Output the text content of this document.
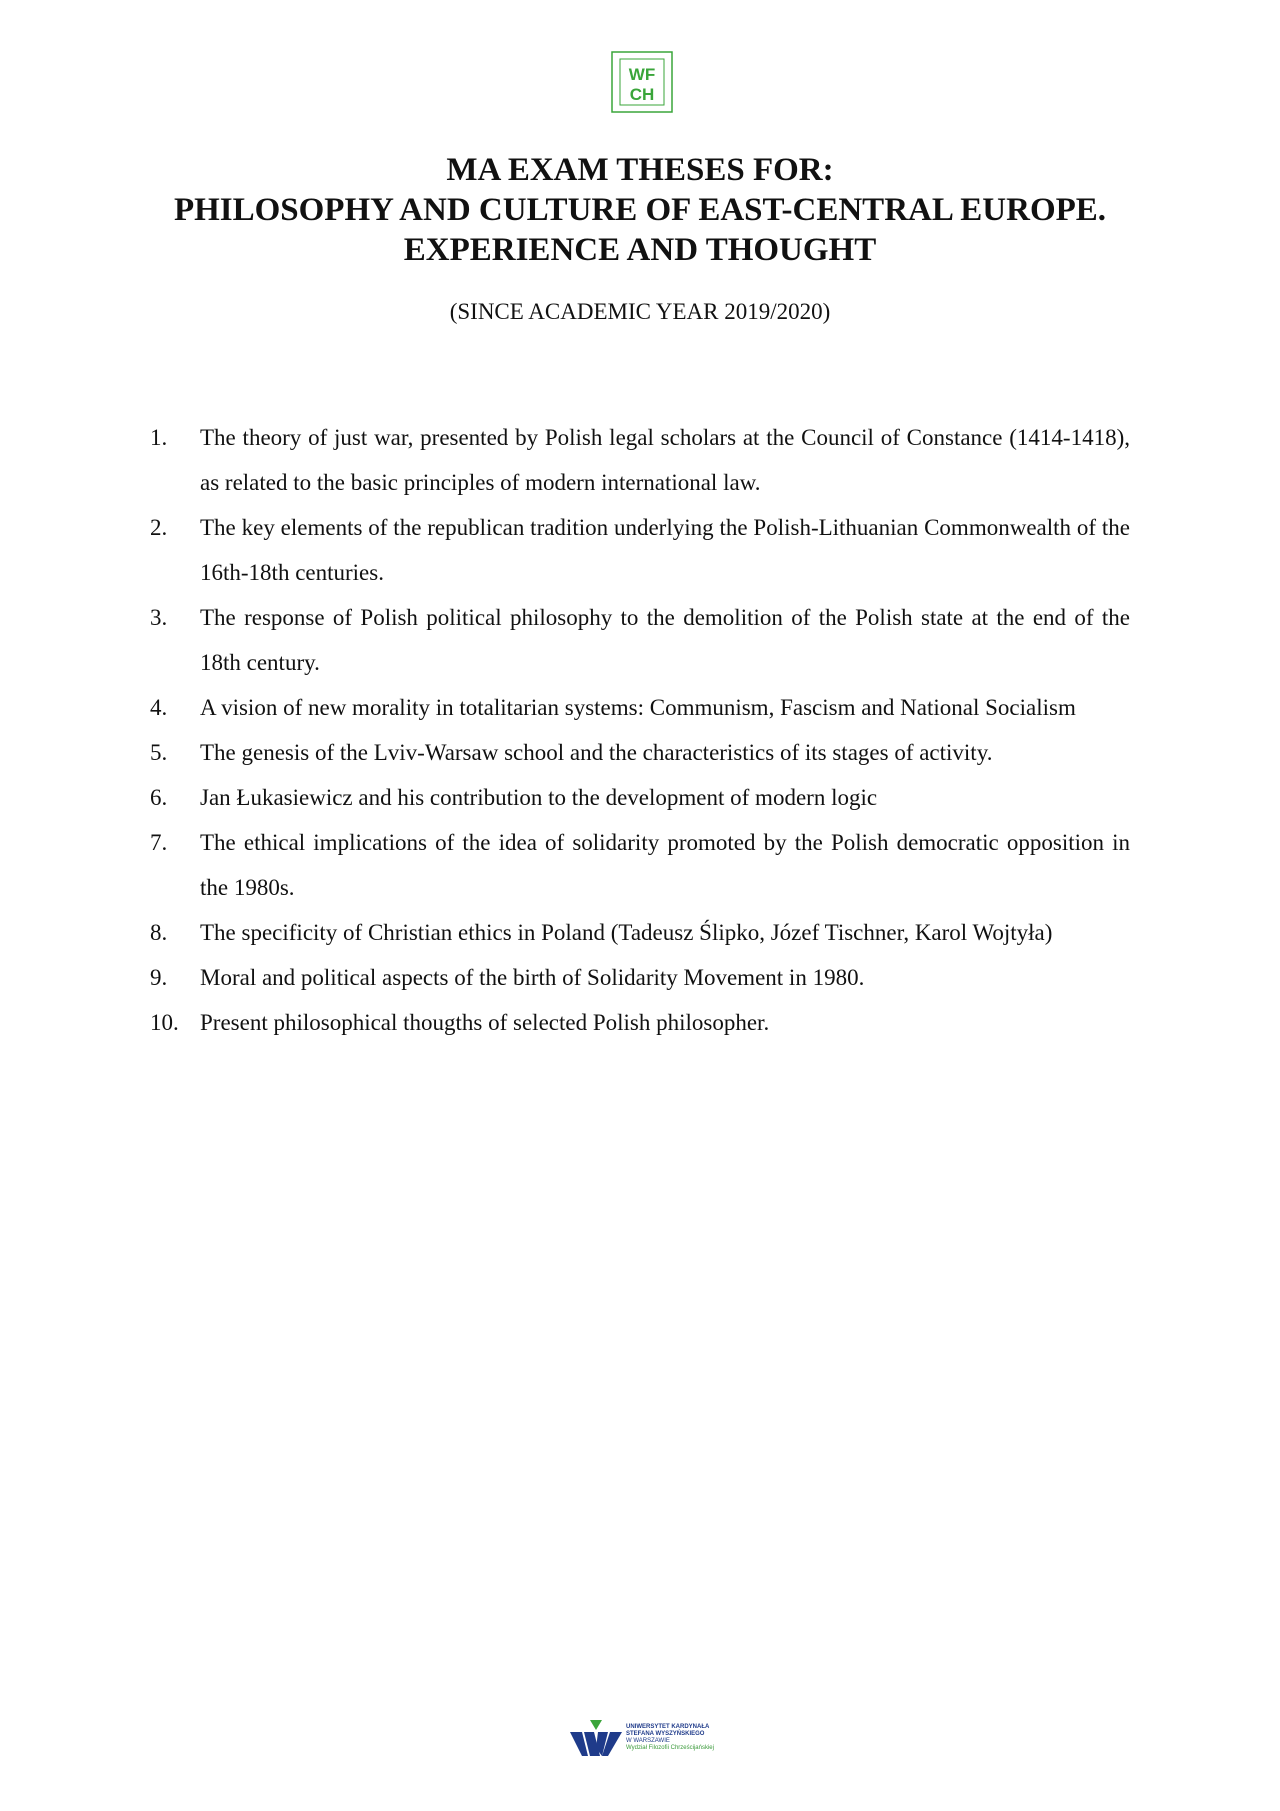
WF
CH
MA EXAM THESES FOR:
PHILOSOPHY AND CULTURE OF EAST-CENTRAL EUROPE.
EXPERIENCE AND THOUGHT
(SINCE ACADEMIC YEAR 2019/2020)
1.	The theory of just war, presented by Polish legal scholars at the Council of Constance (1414-1418), as related to the basic principles of modern international law.
2.	The key elements of the republican tradition underlying the Polish-Lithuanian Commonwealth of the 16th-18th centuries.
3.	The response of Polish political philosophy to the demolition of the Polish state at the end of the 18th century.
4.	A vision of new morality in totalitarian systems: Communism, Fascism and National Socialism
5.	The genesis of the Lviv-Warsaw school and the characteristics of its stages of activity.
6.	Jan Łukasiewicz and his contribution to the development of modern logic
7.	The ethical implications of the idea of solidarity promoted by the Polish democratic opposition in the 1980s.
8.	The specificity of Christian ethics in Poland (Tadeusz Ślipko, Józef Tischner, Karol Wojtyła)
9.	Moral and political aspects of the birth of Solidarity Movement in 1980.
10. Present philosophical thougths of selected Polish philosopher.
UNIWERSYTET KARDYNAŁA
STEFANA WYSZYŃSKIEGO
W WARSZAWIE
Wydział Filozofii Chrześcijańskiej
